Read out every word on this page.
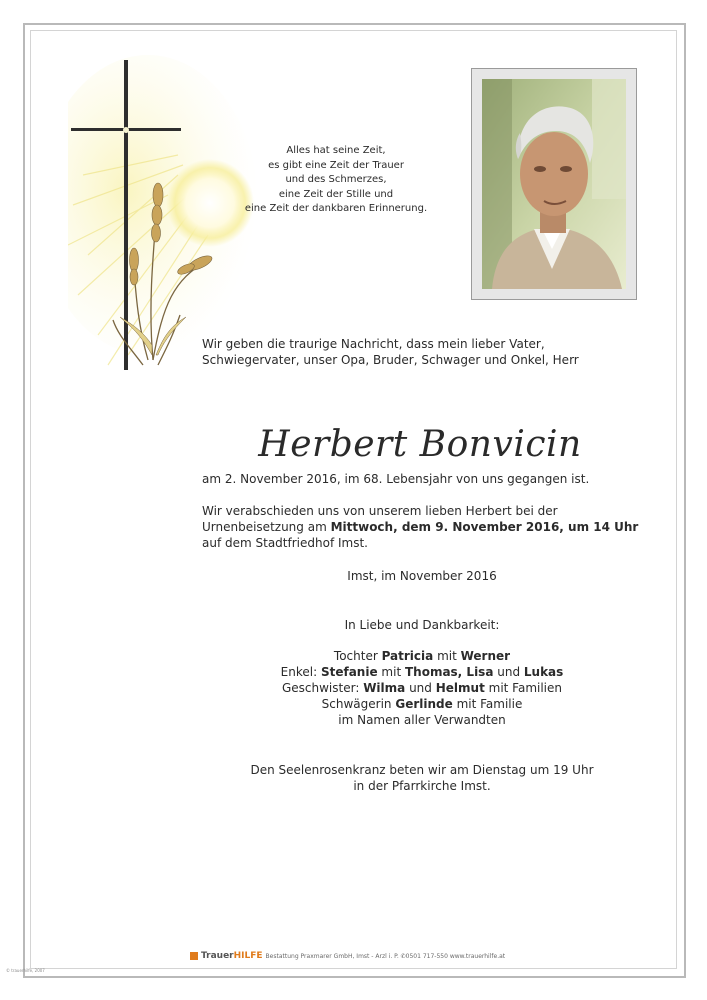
Alles hat seine Zeit,
es gibt eine Zeit der Trauer
und des Schmerzes,
eine Zeit der Stille und
eine Zeit der dankbaren Erinnerung.
Wir geben die traurige Nachricht, dass mein lieber Vater, Schwiegervater, unser Opa, Bruder, Schwager und Onkel, Herr
Herbert Bonvicin
am 2. November 2016, im 68. Lebensjahr von uns gegangen ist.
Wir verabschieden uns von unserem lieben Herbert bei der Urnenbeisetzung am Mittwoch, dem 9. November 2016, um 14 Uhr auf dem Stadtfriedhof Imst.
Imst, im November 2016
In Liebe und Dankbarkeit:
Tochter Patricia mit Werner
Enkel: Stefanie mit Thomas, Lisa und Lukas
Geschwister: Wilma und Helmut mit Familien
Schwägerin Gerlinde mit Familie
im Namen aller Verwandten
Den Seelenrosenkranz beten wir am Dienstag um 19 Uhr
in der Pfarrkirche Imst.
TrauerHILFE Bestattung Praxmarer GmbH, Imst - Arzl i. P. ✆0501 717-550 www.trauerhilfe.at
© trauerhilfe, 2007
